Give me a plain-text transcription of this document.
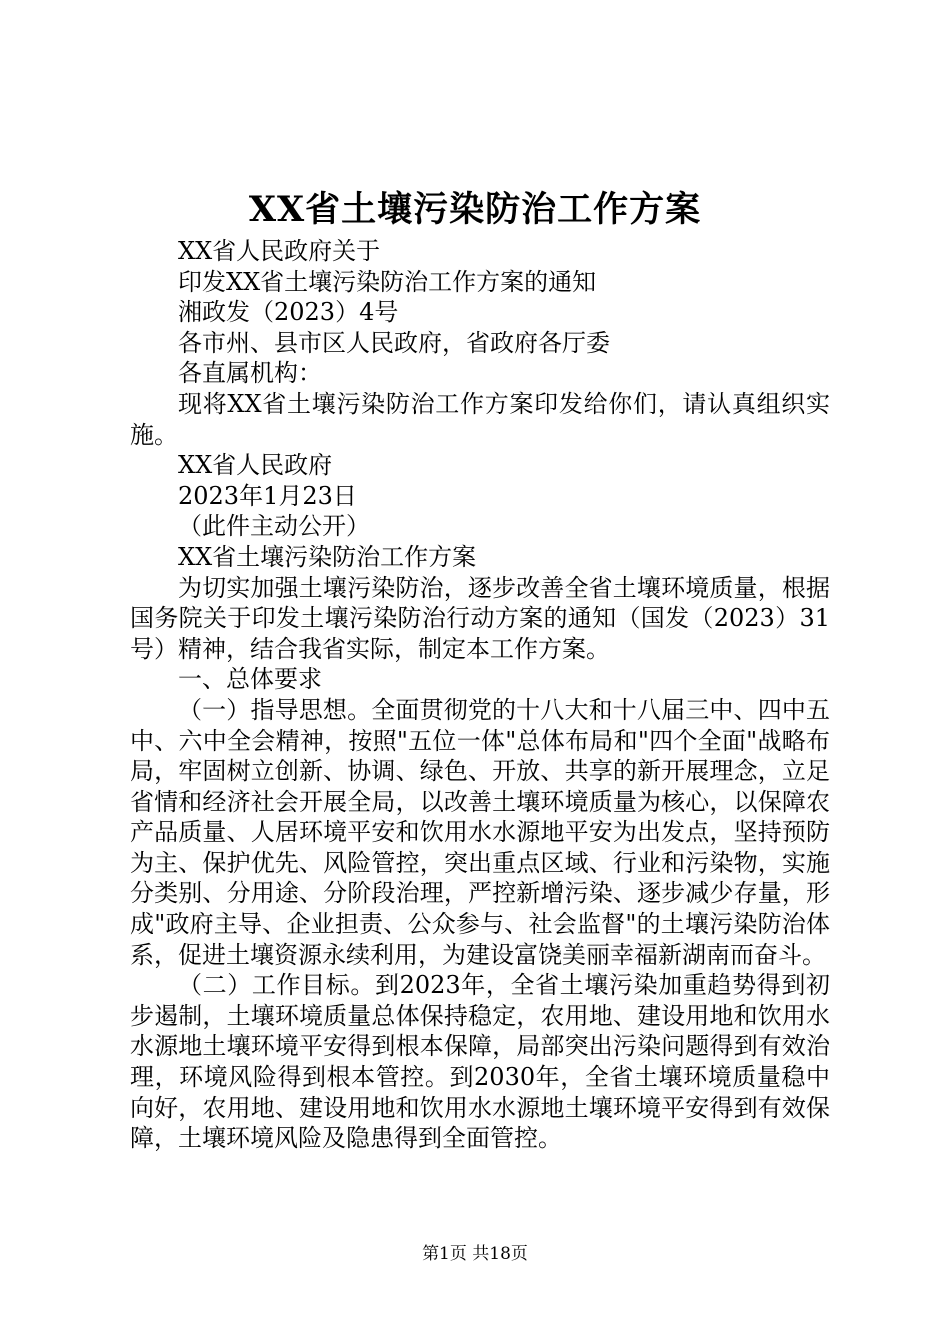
XX省土壤污染防治工作方案

XX省人民政府关于

印发XX省土壤污染防治工作方案的通知

湘政发（2023）4号

各市州、县市区人民政府，省政府各厅委

各直属机构：

现将XX省土壤污染防治工作方案印发给你们，请认真组织实施。

XX省人民政府

2023年1月23日

（此件主动公开）

XX省土壤污染防治工作方案

为切实加强土壤污染防治，逐步改善全省土壤环境质量，根据国务院关于印发土壤污染防治行动方案的通知（国发（2023）31号）精神，结合我省实际，制定本工作方案。

一、总体要求

（一）指导思想。全面贯彻党的十八大和十八届三中、四中五中、六中全会精神，按照"五位一体"总体布局和"四个全面"战略布局，牢固树立创新、协调、绿色、开放、共享的新开展理念，立足省情和经济社会开展全局，以改善土壤环境质量为核心，以保障农产品质量、人居环境平安和饮用水水源地平安为出发点，坚持预防为主、保护优先、风险管控，突出重点区域、行业和污染物，实施分类别、分用途、分阶段治理，严控新增污染、逐步减少存量，形成"政府主导、企业担责、公众参与、社会监督"的土壤污染防治体系，促进土壤资源永续利用，为建设富饶美丽幸福新湖南而奋斗。

（二）工作目标。到2023年，全省土壤污染加重趋势得到初步遏制，土壤环境质量总体保持稳定，农用地、建设用地和饮用水水源地土壤环境平安得到根本保障，局部突出污染问题得到有效治理，环境风险得到根本管控。到2030年，全省土壤环境质量稳中向好，农用地、建设用地和饮用水水源地土壤环境平安得到有效保障，土壤环境风险及隐患得到全面管控。

第1页 共18页
